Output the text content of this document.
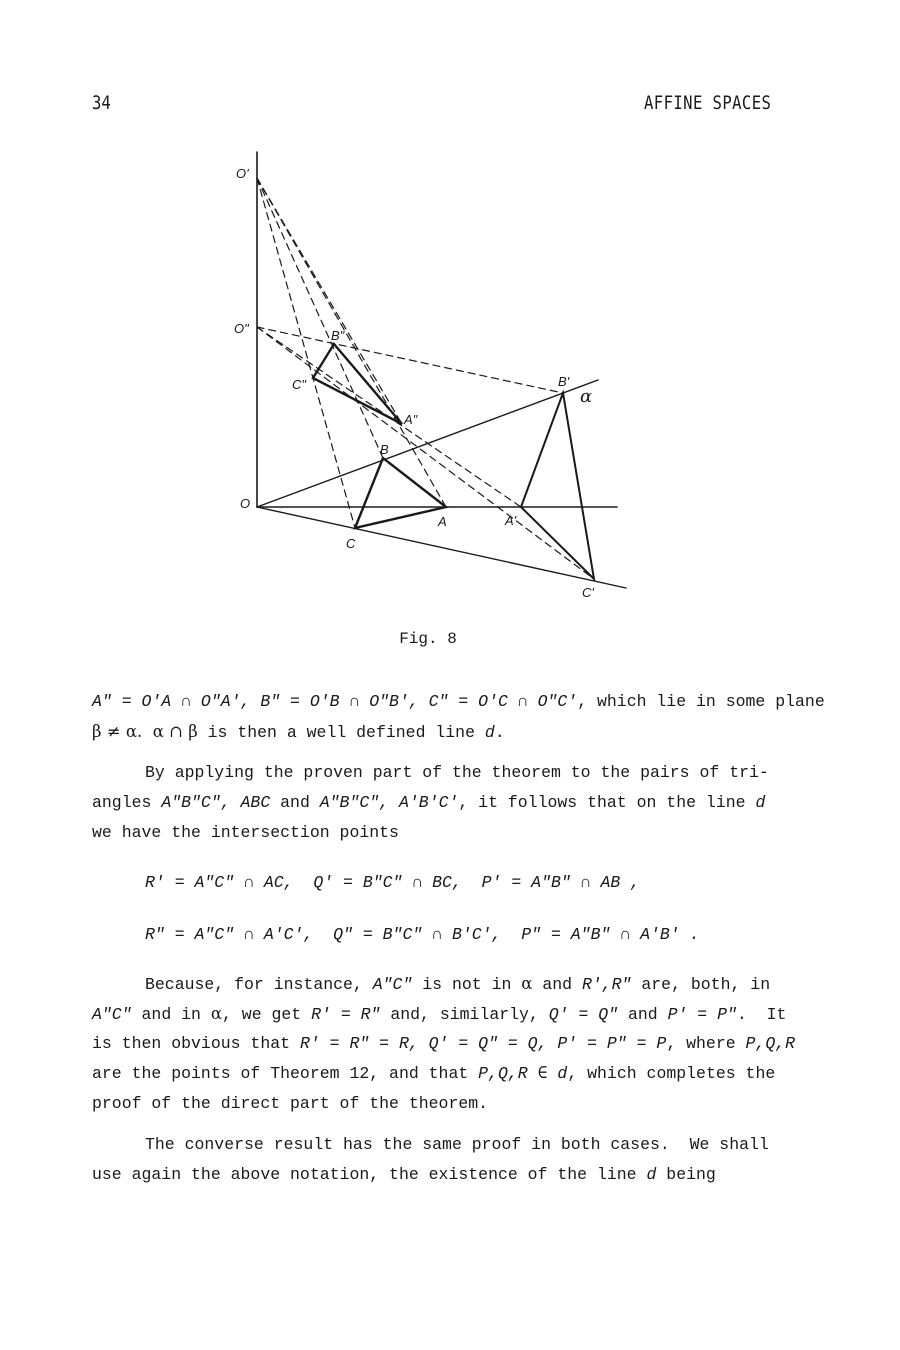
34	AFFINE SPACES
O'
O"
O
A
B
C
A'
B'
C'
A"
B"
C"
α
Fig. 8
A" = O'A ∩ O"A', B" = O'B ∩ O"B', C" = O'C ∩ O"C', which lie in some plane
β ≠ α.  α ∩ β is then a well defined line d.
By applying the proven part of the theorem to the pairs of tri-
angles A"B"C", ABC and A"B"C", A'B'C', it follows that on the line d
we have the intersection points
R' = A"C" ∩ AC,  Q' = B"C" ∩ BC,  P' = A"B" ∩ AB ,
R" = A"C" ∩ A'C',  Q" = B"C" ∩ B'C',  P" = A"B" ∩ A'B' .
Because, for instance, A"C" is not in α and R',R" are, both, in
A"C" and in α, we get R' = R" and, similarly, Q' = Q" and P' = P".  It
is then obvious that R' = R" = R, Q' = Q" = Q, P' = P" = P, where P,Q,R
are the points of Theorem 12, and that P,Q,R ∈ d, which completes the
proof of the direct part of the theorem.
The converse result has the same proof in both cases.  We shall
use again the above notation, the existence of the line d being
